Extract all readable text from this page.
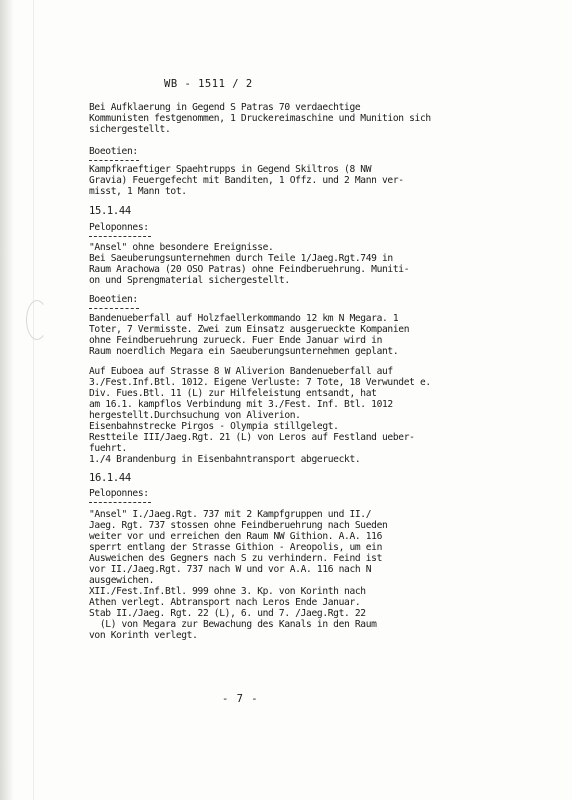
WB - 1511 / 2
Bei Aufklaerung in Gegend S Patras 70 verdaechtige
Kommunisten festgenommen, 1 Druckereimaschine und Munition sich
sichergestellt.
Boeotien:
Kampfkraeftiger Spaehtrupps in Gegend Skiltros (8 NW
Gravia) Feuergefecht mit Banditen, 1 Offz. und 2 Mann ver-
misst, 1 Mann tot.
15.1.44
Peloponnes:
"Ansel" ohne besondere Ereignisse.
Bei Saeuberungsunternehmen durch Teile 1/Jaeg.Rgt.749 in
Raum Arachowa (20 OSO Patras) ohne Feindberuehrung. Muniti-
on und Sprengmaterial sichergestellt.
Boeotien:
Bandenueberfall auf Holzfaellerkommando 12 km N Megara. 1
Toter, 7 Vermisste. Zwei zum Einsatz ausgerueckte Kompanien
ohne Feindberuehrung zurueck. Fuer Ende Januar wird in
Raum noerdlich Megara ein Saeuberungsunternehmen geplant.
Auf Euboea auf Strasse 8 W Aliverion Bandenueberfall auf
3./Fest.Inf.Btl. 1012. Eigene Verluste: 7 Tote, 18 Verwundet e.
Div. Fues.Btl. 11 (L) zur Hilfeleistung entsandt, hat
am 16.1. kampflos Verbindung mit 3./Fest. Inf. Btl. 1012
hergestellt.Durchsuchung von Aliverion.
Eisenbahnstrecke Pirgos - Olympia stillgelegt.
Restteile III/Jaeg.Rgt. 21 (L) von Leros auf Festland ueber-
fuehrt.
1./4 Brandenburg in Eisenbahntransport abgerueckt.
16.1.44
Peloponnes:
"Ansel" I./Jaeg.Rgt. 737 mit 2 Kampfgruppen und II./
Jaeg. Rgt. 737 stossen ohne Feindberuehrung nach Sueden
weiter vor und erreichen den Raum NW Githion. A.A. 116
sperrt entlang der Strasse Githion - Areopolis, um ein
Ausweichen des Gegners nach S zu verhindern. Feind ist
vor II./Jaeg.Rgt. 737 nach W und vor A.A. 116 nach N
ausgewichen.
XII./Fest.Inf.Btl. 999 ohne 3. Kp. von Korinth nach
Athen verlegt. Abtransport nach Leros Ende Januar.
Stab II./Jaeg. Rgt. 22 (L), 6. und 7. /Jaeg.Rgt. 22
(L) von Megara zur Bewachung des Kanals in den Raum
von Korinth verlegt.
- 7 -
